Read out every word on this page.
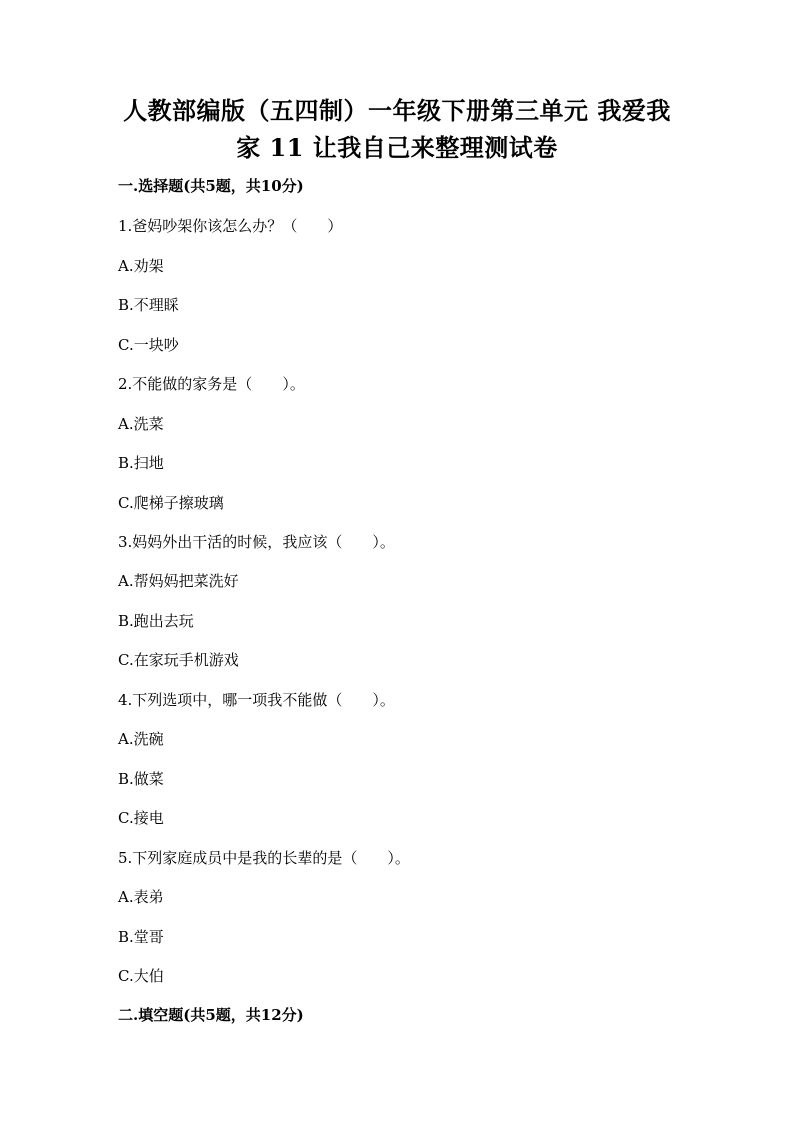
人教部编版（五四制）一年级下册第三单元 我爱我
家 11 让我自己来整理测试卷

一.选择题(共5题，共10分)

1.爸妈吵架你该怎么办？（　　）

A.劝架

B.不理睬

C.一块吵

2.不能做的家务是（　　）。

A.洗菜

B.扫地

C.爬梯子擦玻璃

3.妈妈外出干活的时候，我应该（　　）。

A.帮妈妈把菜洗好

B.跑出去玩

C.在家玩手机游戏

4.下列选项中，哪一项我不能做（　　）。

A.洗碗

B.做菜

C.接电

5.下列家庭成员中是我的长辈的是（　　）。

A.表弟

B.堂哥

C.大伯

二.填空题(共5题，共12分)
